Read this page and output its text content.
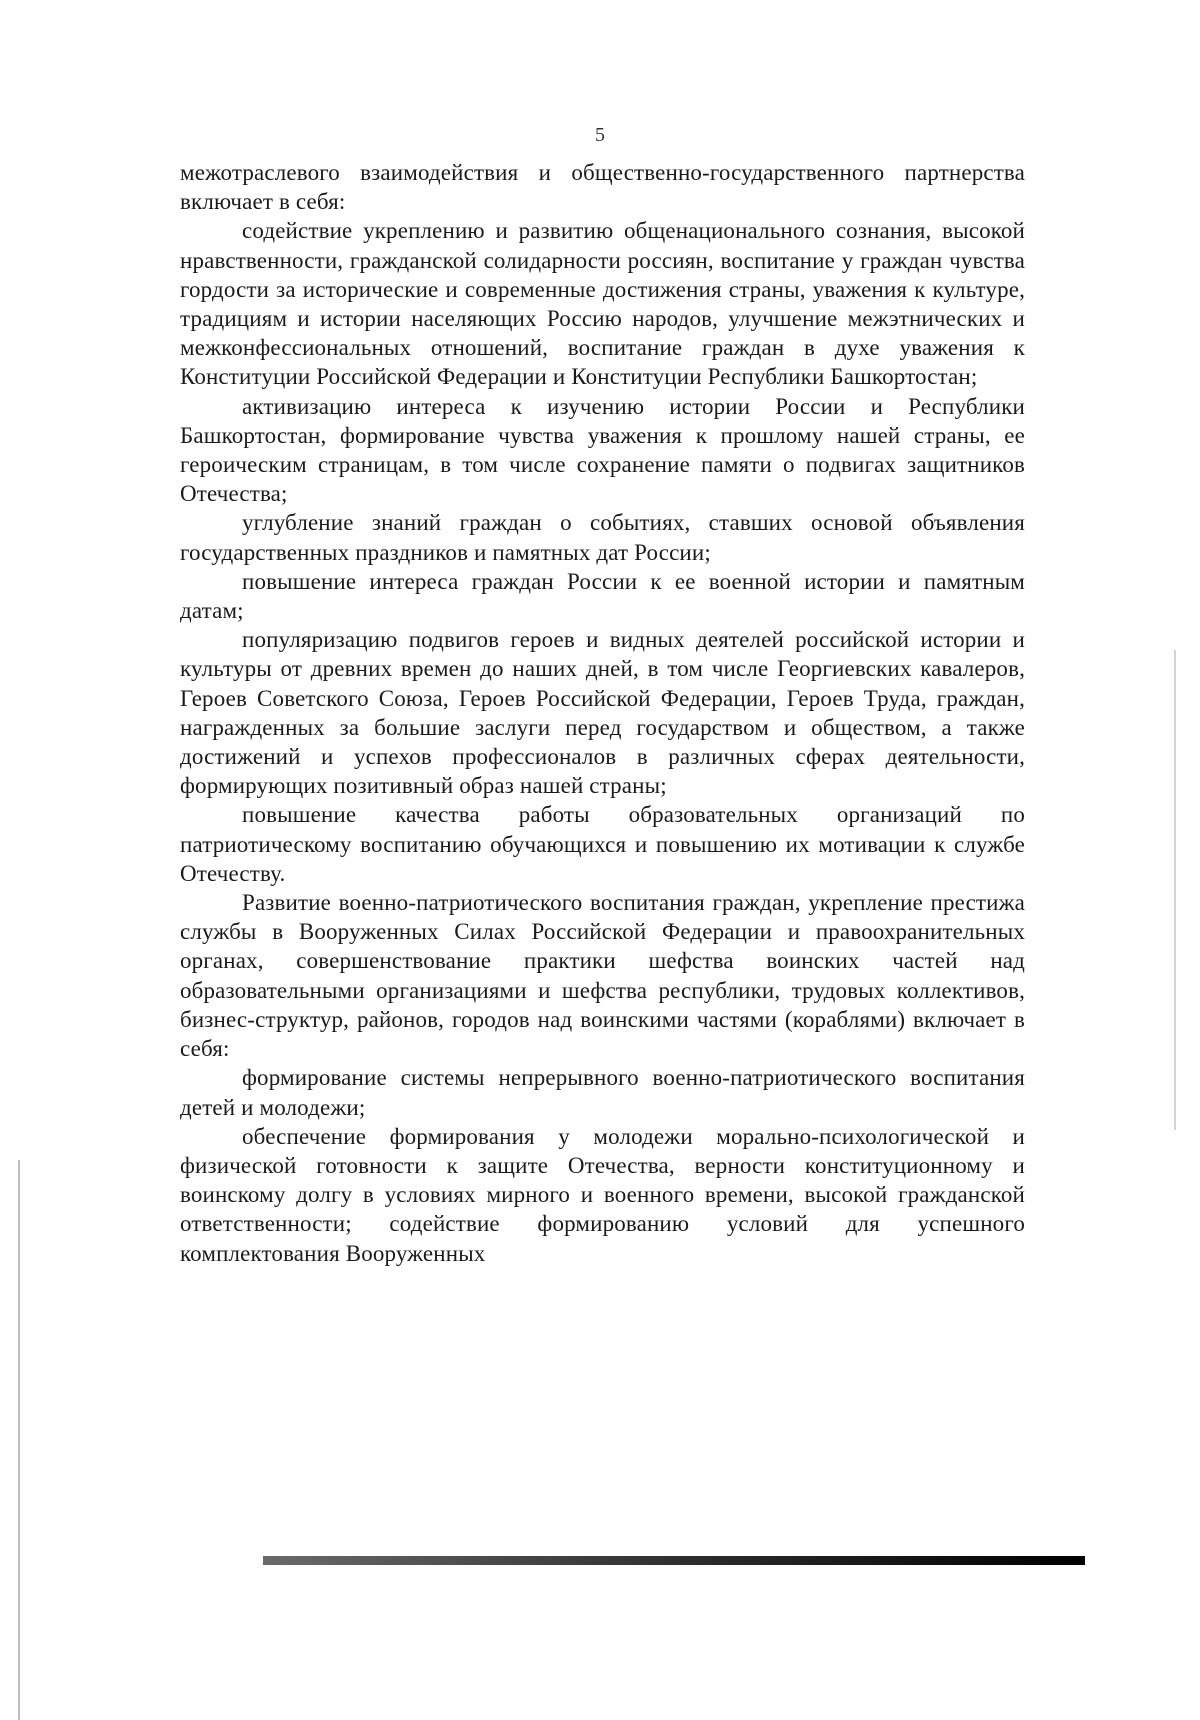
5

межотраслевого взаимодействия и общественно-государственного партнерства включает в себя:

содействие укреплению и развитию общенационального сознания, высокой нравственности, гражданской солидарности россиян, воспитание у граждан чувства гордости за исторические и современные достижения страны, уважения к культуре, традициям и истории населяющих Россию народов, улучшение межэтнических и межконфессиональных отношений, воспитание граждан в духе уважения к Конституции Российской Федерации и Конституции Республики Башкортостан;

активизацию интереса к изучению истории России и Республики Башкортостан, формирование чувства уважения к прошлому нашей страны, ее героическим страницам, в том числе сохранение памяти о подвигах защитников Отечества;

углубление знаний граждан о событиях, ставших основой объявления государственных праздников и памятных дат России;

повышение интереса граждан России к ее военной истории и памятным датам;

популяризацию подвигов героев и видных деятелей российской истории и культуры от древних времен до наших дней, в том числе Георгиевских кавалеров, Героев Советского Союза, Героев Российской Федерации, Героев Труда, граждан, награжденных за большие заслуги перед государством и обществом, а также достижений и успехов профессионалов в различных сферах деятельности, формирующих позитивный образ нашей страны;

повышение качества работы образовательных организаций по патриотическому воспитанию обучающихся и повышению их мотивации к службе Отечеству.

Развитие военно-патриотического воспитания граждан, укрепление престижа службы в Вооруженных Силах Российской Федерации и правоохранительных органах, совершенствование практики шефства воинских частей над образовательными организациями и шефства республики, трудовых коллективов, бизнес-структур, районов, городов над воинскими частями (кораблями) включает в себя:

формирование системы непрерывного военно-патриотического воспитания детей и молодежи;

обеспечение формирования у молодежи морально-психологической и физической готовности к защите Отечества, верности конституционному и воинскому долгу в условиях мирного и военного времени, высокой гражданской ответственности; содействие формированию условий для успешного комплектования Вооруженных
